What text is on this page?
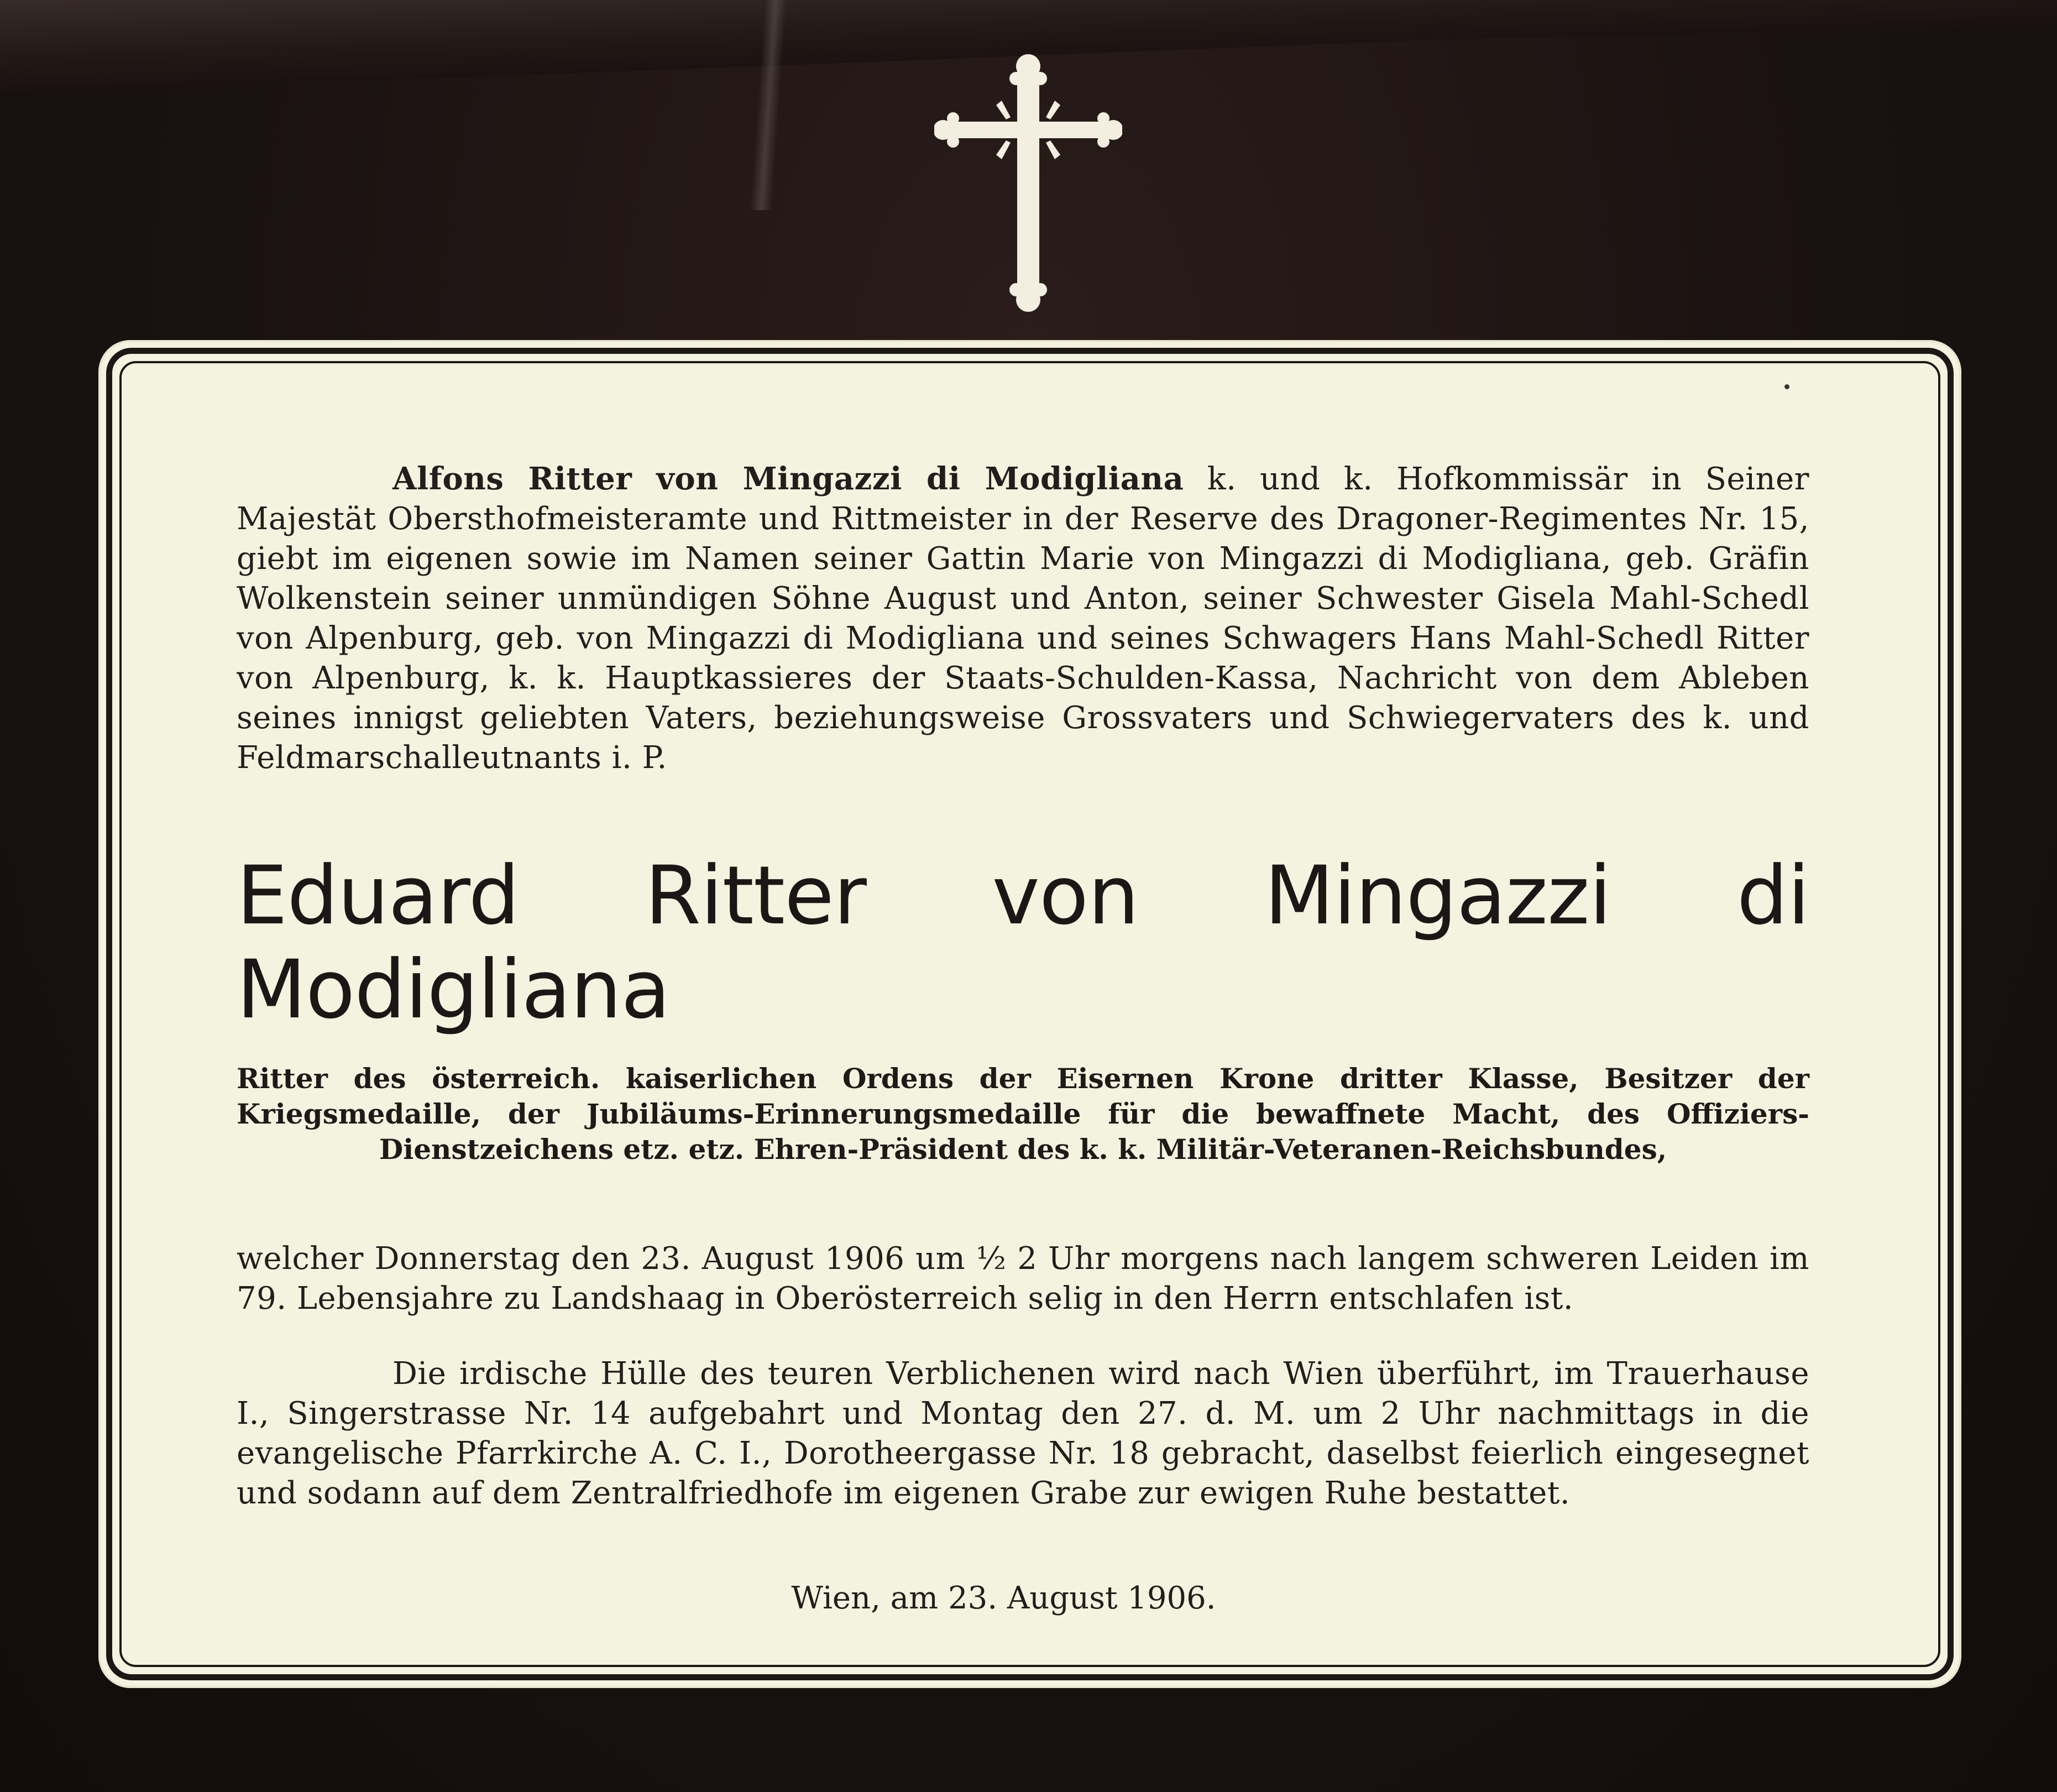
Alfons Ritter von Mingazzi di Modigliana k. und k. Hofkommissär in Seiner Majestät Obersthofmeisteramte und Rittmeister in der Reserve des Dragoner-Regimentes Nr. 15, giebt im eigenen sowie im Namen seiner Gattin Marie von Mingazzi di Modigliana, geb. Gräfin Wolkenstein seiner unmündigen Söhne August und Anton, seiner Schwester Gisela Mahl-Schedl von Alpenburg, geb. von Mingazzi di Modigliana und seines Schwagers Hans Mahl-Schedl Ritter von Alpenburg, k. k. Hauptkassieres der Staats-Schulden-Kassa, Nachricht von dem Ableben seines innigst geliebten Vaters, beziehungsweise Grossvaters und Schwiegervaters des k. und Feldmarschalleutnants i. P.

Eduard Ritter von Mingazzi di Modigliana
Ritter des österreich. kaiserlichen Ordens der Eisernen Krone dritter Klasse, Besitzer der
Kriegsmedaille, der Jubiläums-Erinnerungsmedaille für die bewaffnete Macht, des Offiziers-
Dienstzeichens etz. etz. Ehren-Präsident des k. k. Militär-Veteranen-Reichsbundes,

welcher Donnerstag den 23. August 1906 um ½ 2 Uhr morgens nach langem schweren Leiden im 79. Lebensjahre zu Landshaag in Oberösterreich selig in den Herrn entschlafen ist.

Die irdische Hülle des teuren Verblichenen wird nach Wien überführt, im Trauerhause I., Singerstrasse Nr. 14 aufgebahrt und Montag den 27. d. M. um 2 Uhr nachmittags in die evangelische Pfarrkirche A. C. I., Dorotheergasse Nr. 18 gebracht, daselbst feierlich eingesegnet und sodann auf dem Zentralfriedhofe im eigenen Grabe zur ewigen Ruhe bestattet.

Wien, am 23. August 1906.
